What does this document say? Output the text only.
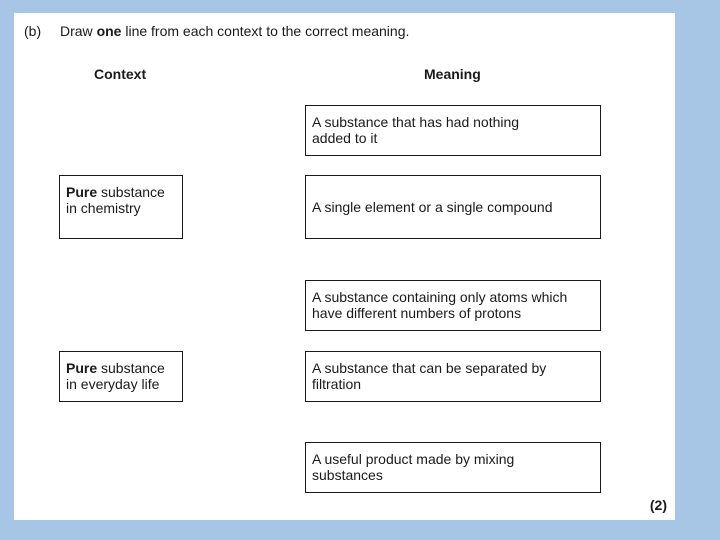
(b) Draw one line from each context to the correct meaning.
Context	Meaning
Pure substance
in chemistry
Pure substance
in everyday life
A substance that has had nothing
added to it
A single element or a single compound
A substance containing only atoms which
have different numbers of protons
A substance that can be separated by
filtration
A useful product made by mixing
substances
(2)
